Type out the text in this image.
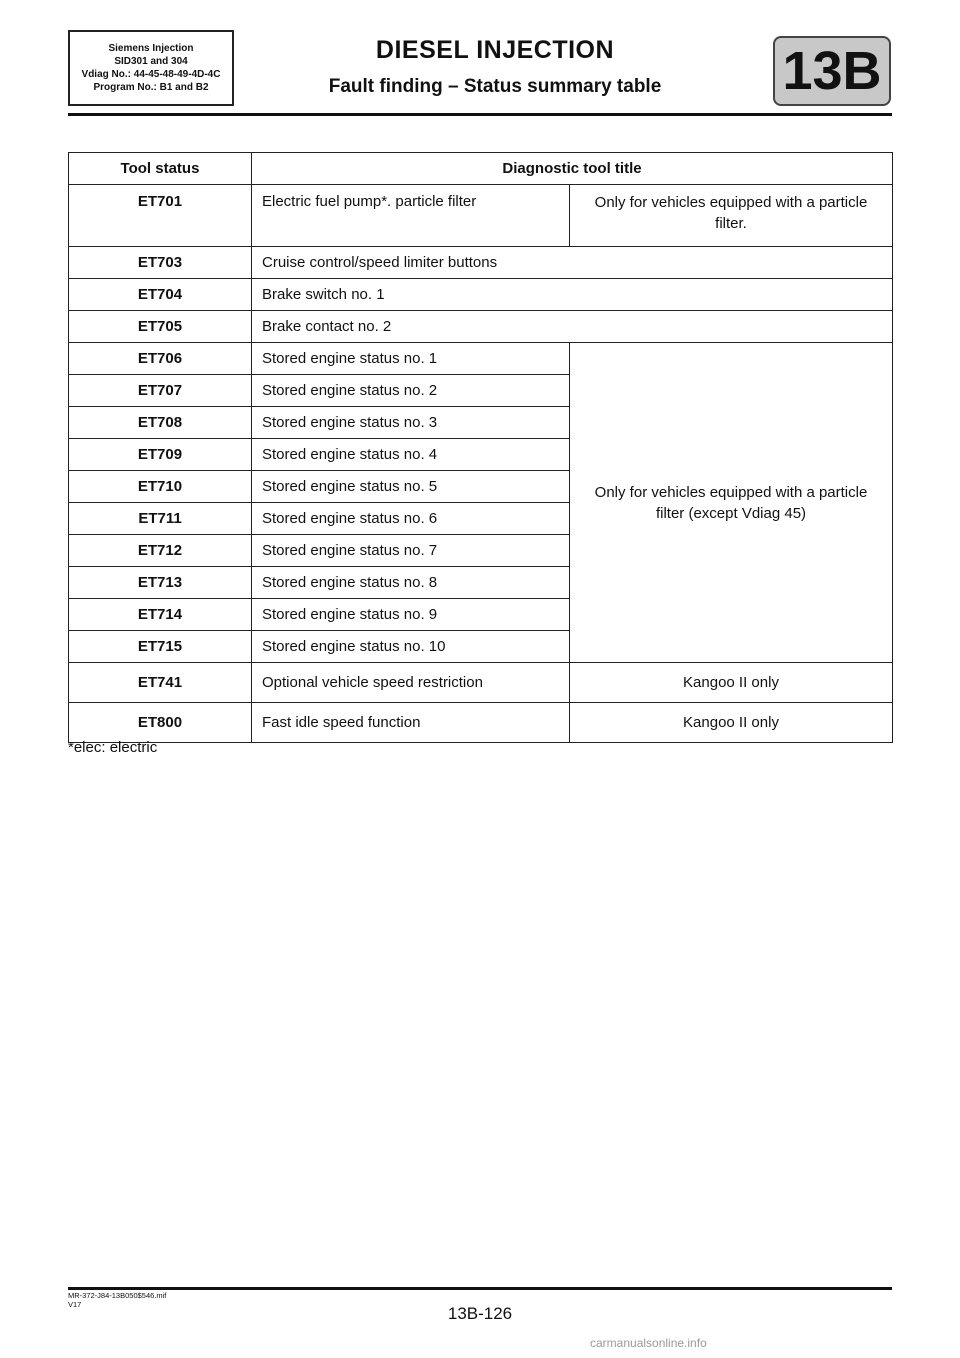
Siemens Injection
SID301 and 304
Vdiag No.: 44-45-48-49-4D-4C
Program No.: B1 and B2
DIESEL INJECTION
Fault finding – Status summary table	13B
Tool status	Diagnostic tool title	
ET701	Electric fuel pump*. particle filter	Only for vehicles equipped with a particle filter.
ET703	Cruise control/speed limiter buttons	
ET704	Brake switch no. 1	
ET705	Brake contact no. 2	
ET706	Stored engine status no. 1	Only for vehicles equipped with a particle filter (except Vdiag 45)
ET707	Stored engine status no. 2	
ET708	Stored engine status no. 3	
ET709	Stored engine status no. 4	
ET710	Stored engine status no. 5	
ET711	Stored engine status no. 6	
ET712	Stored engine status no. 7	
ET713	Stored engine status no. 8	
ET714	Stored engine status no. 9	
ET715	Stored engine status no. 10	
ET741	Optional vehicle speed restriction	Kangoo II only
ET800	Fast idle speed function	Kangoo II only
*elec: electric
MR-372-J84-13B050$546.mif
V17	13B-126
carmanualsonline.info
